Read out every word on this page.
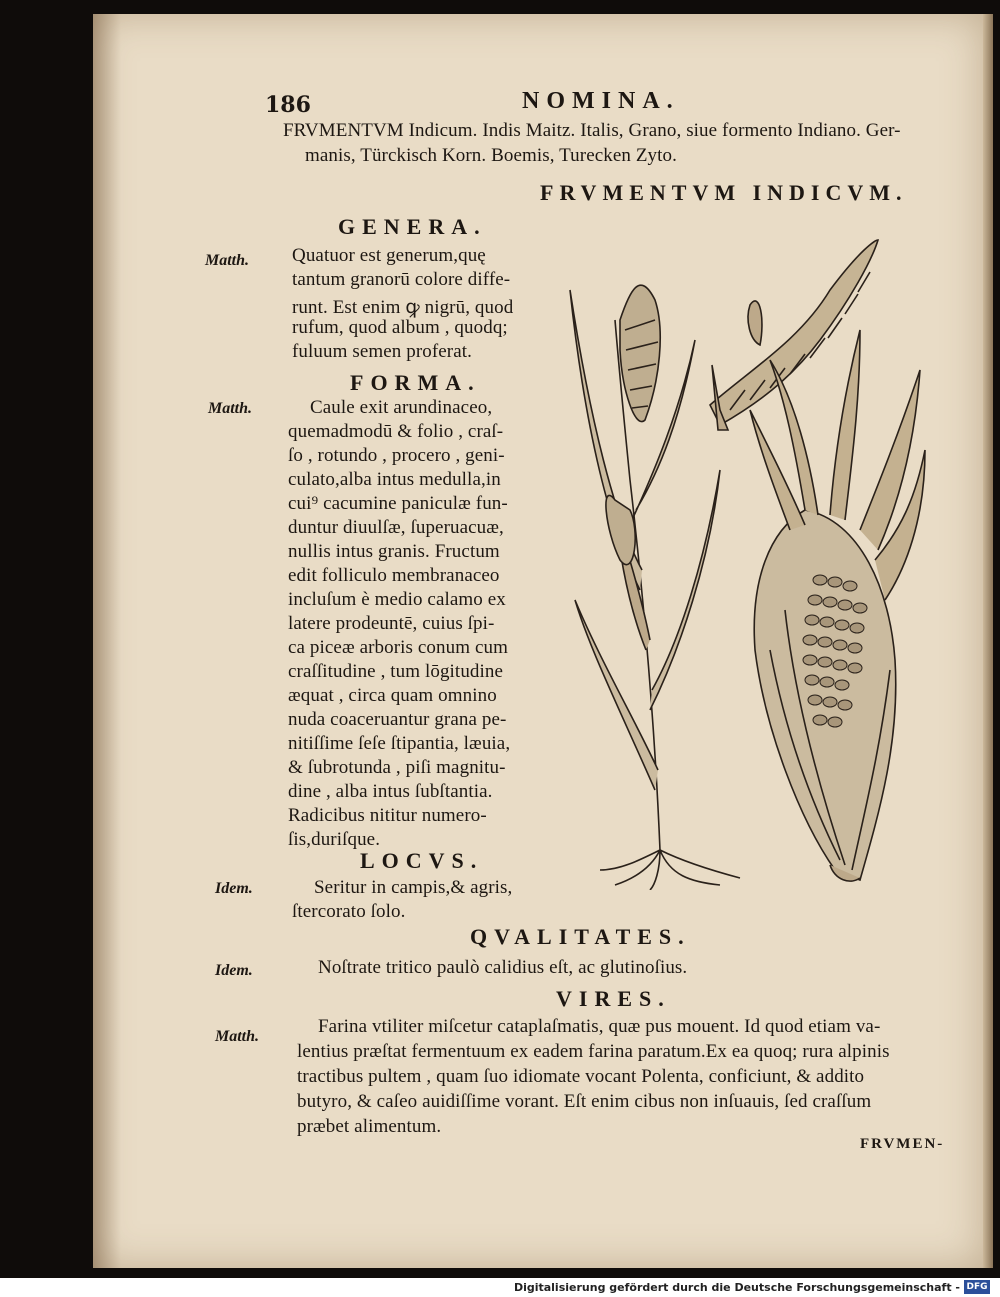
186	NOMINA.
FRVMENTVM Indicum. Indis Maitz. Italis, Grano, siue formento Indiano. Ger-
manis, Türckisch Korn. Boemis, Turecken Zyto.
FRVMENTVM INDICVM.
GENERA.
Matth. Quatuor est generum,quę
tantum granorū colore diffe-
runt. Est enim ꝙ nigrū, quod
rufum, quod album , quodq;
fuluum semen proferat.
FORMA.
Matth.	Caule exit arundinaceo,
quemadmodū & folio , craſ-
ſo , rotundo , procero , geni-
culato,alba intus medulla,in
cui⁹ cacumine paniculæ fun-
duntur diuulſæ, ſuperuacuæ,
nullis intus granis. Fructum
edit folliculo membranaceo
incluſum è medio calamo ex
latere prodeuntē, cuius ſpi-
ca piceæ arboris conum cum
craſſitudine , tum lōgitudine
æquat , circa quam omnino
nuda coaceruantur grana pe-
nitiſſime ſeſe ſtipantia, læuia,
& ſubrotunda , piſi magnitu-
dine , alba intus ſubſtantia.
Radicibus nititur numero-
ſis,duriſque.
LOCVS.
Idem.	Seritur in campis,& agris,
ſtercorato ſolo.
QVALITATES.
Idem.	Noſtrate tritico paulò calidius eſt, ac glutinoſius.
VIRES.
Matth.	Farina vtiliter miſcetur cataplaſmatis, quæ pus mouent. Id quod etiam va-
lentius præſtat fermentuum ex eadem farina paratum.Ex ea quoq; rura alpinis
tractibus pultem , quam ſuo idiomate vocant Polenta, conficiunt, & addito
butyro, & caſeo auidiſſime vorant. Eſt enim cibus non inſuauis, ſed craſſum
præbet alimentum.
FRVMEN-
Digitalisierung gefördert durch die Deutsche Forschungsgemeinschaft - DFG
